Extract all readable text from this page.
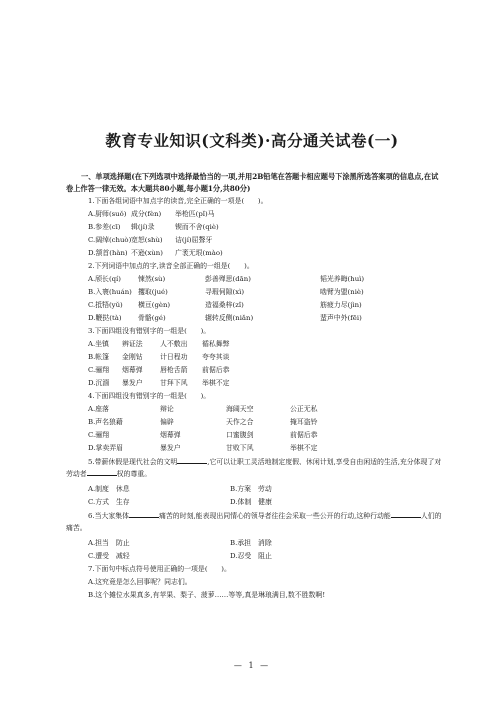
教育专业知识(文科类)·高分通关试卷(一)
一、单项选择题(在下列选项中选择最恰当的一项,并用2B铅笔在答题卡相应题号下涂黑所选答案项的信息点,在试卷上作答一律无效。本大题共80小题,每小题1分,共80分)
1.下面各组词语中加点字的读音,完全正确的一项是(　　)。
A.厨师(suǒ) 成分(fèn) 举枪匹(pǐ)马
B.参差(cī) 辑(jí)录	锲而不舍(qiè)
C.阔绰(chuò) 宽恕(shù) 诘(jí)屈聱牙
D.颔首(hàn) 不逊(xùn) 广袤无垠(mào)
2.下列词语中加点的字,读音全部正确的一组是(　　)。
A.颀长(qí) 悚然(sù)	彭善殚思(dān)	韬光养晦(huì)
B.入寰(huán) 攫取(jué)	寻瑕伺隙(xì)	啮臂为盟(niè)
C.抵牾(yǔ) 横亘(gèn)	造福桑梓(zǐ)	筋疲力尽(jìn)
D.鞭挞(tà) 骨骼(gé)	辗转反侧(niǎn)	蜚声中外(fēi)
3.下面四组没有错别字的一组是(　　)。
A.坐镇 辨证法	人不敷出 循私舞弊
B.帐篷 金刚钻	计日程功 夸夸其谈
C.骊翔 烟幕弹	唇枪舌箭 前倨后恭
D.沉湎 暴发户	甘拜下风 举棋不定
4.下面四组没有错别字的一组是(　　)。
A.座落	辩论	海阔天空	公正无私
B.声名狼藉	偏辟	天作之合	掩耳盗铃
C.骊翔	烟幕弹	口蜜腹剑	前倨后恭
D.掌卖弄眉	暴发户	甘败下风	举棋不定
5.带薪休假是现代社会的文明	,它可以让职工灵活地制定度假、休闲计划,享受自由闲适的生活,充分体现了对劳动者	权的尊重。
A.制度　休息	B.方案　劳动
C.方式　生存	D.体制　健康
6.当大家集体	痛苦的时刻,能表现出同情心的领导者往往会采取一些公开的行动,这种行动能	人们的痛苦。
A.担当　防止	B.承担　消除
C.遭受　减轻	D.忍受　阻止
7.下面句中标点符号使用正确的一项是(　　)。
A.这究竟是怎么回事呢？同志们。
B.这个摊位水果真多,有苹果、梨子、菠萝……等等,真是琳琅满目,数不胜数啊!
— 1 —
